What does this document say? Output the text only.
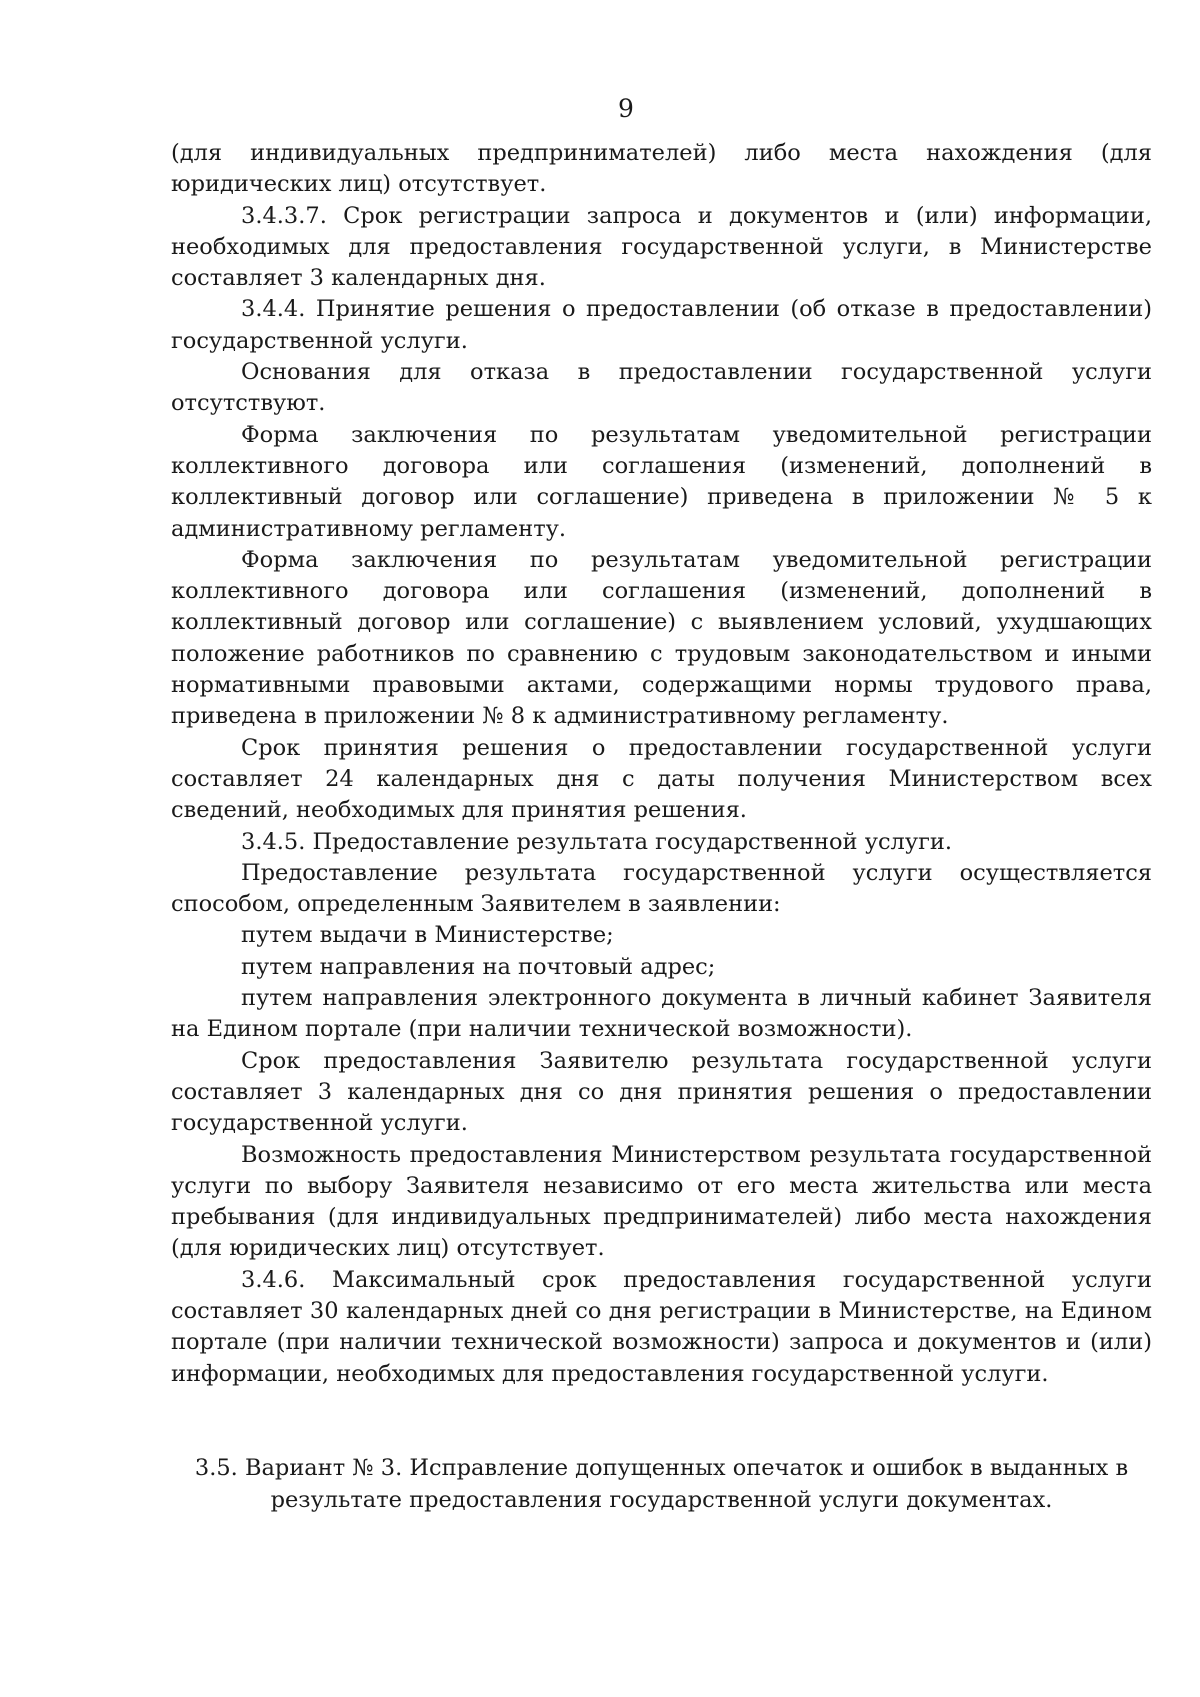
9

(для индивидуальных предпринимателей) либо места нахождения (для юридических лиц) отсутствует.

3.4.3.7. Срок регистрации запроса и документов и (или) информации, необходимых для предоставления государственной услуги, в Министерстве составляет 3 календарных дня.

3.4.4. Принятие решения о предоставлении (об отказе в предоставлении) государственной услуги.

Основания для отказа в предоставлении государственной услуги отсутствуют.

Форма заключения по результатам уведомительной регистрации коллективного договора или соглашения (изменений, дополнений в коллективный договор или соглашение) приведена в приложении № 5 к административному регламенту.

Форма заключения по результатам уведомительной регистрации коллективного договора или соглашения (изменений, дополнений в коллективный договор или соглашение) с выявлением условий, ухудшающих положение работников по сравнению с трудовым законодательством и иными нормативными правовыми актами, содержащими нормы трудового права, приведена в приложении № 8 к административному регламенту.

Срок принятия решения о предоставлении государственной услуги составляет 24 календарных дня с даты получения Министерством всех сведений, необходимых для принятия решения.

3.4.5. Предоставление результата государственной услуги.

Предоставление результата государственной услуги осуществляется способом, определенным Заявителем в заявлении:

путем выдачи в Министерстве;

путем направления на почтовый адрес;

путем направления электронного документа в личный кабинет Заявителя на Едином портале (при наличии технической возможности).

Срок предоставления Заявителю результата государственной услуги составляет 3 календарных дня со дня принятия решения о предоставлении государственной услуги.

Возможность предоставления Министерством результата государственной услуги по выбору Заявителя независимо от его места жительства или места пребывания (для индивидуальных предпринимателей) либо места нахождения (для юридических лиц) отсутствует.

3.4.6. Максимальный срок предоставления государственной услуги составляет 30 календарных дней со дня регистрации в Министерстве, на Едином портале (при наличии технической возможности) запроса и документов и (или) информации, необходимых для предоставления государственной услуги.

3.5. Вариант № 3. Исправление допущенных опечаток и ошибок в выданных в результате предоставления государственной услуги документах.
